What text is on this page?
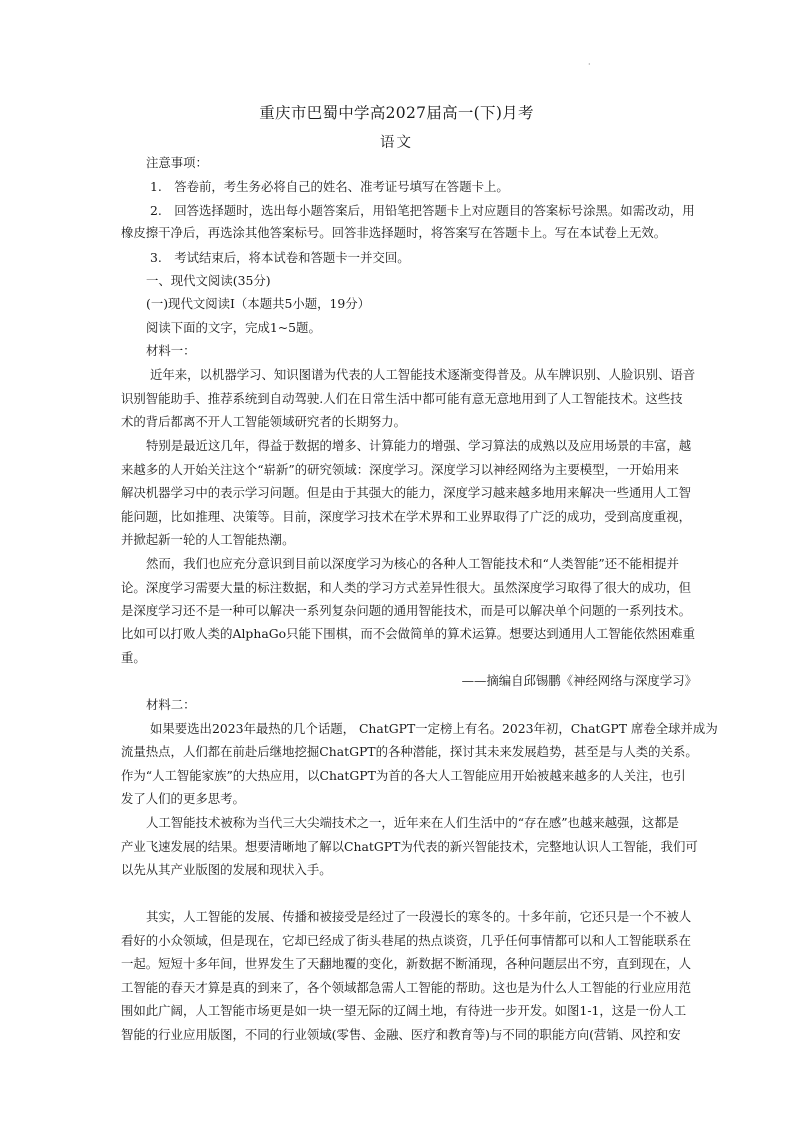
·
重庆市巴蜀中学高2027届高一(下)月考
语文
注意事项：
1.　答卷前，考生务必将自己的姓名、准考证号填写在答题卡上。
2.　回答选择题时，选出每小题答案后，用铅笔把答题卡上对应题目的答案标号涂黑。如需改动，用
橡皮擦干净后，再选涂其他答案标号。回答非选择题时，将答案写在答题卡上。写在本试卷上无效。
3.　考试结束后，将本试卷和答题卡一并交回。
一、现代文阅读(35分)
(一)现代文阅读Ⅰ（本题共5小题，19分）
阅读下面的文字，完成1~5题。
材料一：
近年来，以机器学习、知识图谱为代表的人工智能技术逐渐变得普及。从车牌识别、人脸识别、语音
识别智能助手、推荐系统到自动驾驶.人们在日常生活中都可能有意无意地用到了人工智能技术。这些技
术的背后都离不开人工智能领域研究者的长期努力。
特别是最近这几年，得益于数据的增多、计算能力的增强、学习算法的成熟以及应用场景的丰富，越
来越多的人开始关注这个“崭新”的研究领域：深度学习。深度学习以神经网络为主要模型，一开始用来
解决机器学习中的表示学习问题。但是由于其强大的能力，深度学习越来越多地用来解决一些通用人工智
能问题，比如推理、决策等。目前，深度学习技术在学术界和工业界取得了广泛的成功，受到高度重视，
并掀起新一轮的人工智能热潮。
然而，我们也应充分意识到目前以深度学习为核心的各种人工智能技术和“人类智能”还不能相提并
论。深度学习需要大量的标注数据，和人类的学习方式差异性很大。虽然深度学习取得了很大的成功，但
是深度学习还不是一种可以解决一系列复杂问题的通用智能技术，而是可以解决单个问题的一系列技术。
比如可以打败人类的AlphaGo只能下围棋，而不会做简单的算术运算。想要达到通用人工智能依然困难重
重。
——摘编自邱锡鹏《神经网络与深度学习》
材料二：
如果要选出2023年最热的几个话题， ChatGPT一定榜上有名。2023年初，ChatGPT 席卷全球并成为
流量热点，人们都在前赴后继地挖掘ChatGPT的各种潜能，探讨其未来发展趋势，甚至是与人类的关系。
作为“人工智能家族”的大热应用，以ChatGPT为首的各大人工智能应用开始被越来越多的人关注，也引
发了人们的更多思考。
人工智能技术被称为当代三大尖端技术之一，近年来在人们生活中的“存在感”也越来越强，这都是
产业飞速发展的结果。想要清晰地了解以ChatGPT为代表的新兴智能技术，完整地认识人工智能，我们可
以先从其产业版图的发展和现状入手。
其实，人工智能的发展、传播和被接受是经过了一段漫长的寒冬的。十多年前，它还只是一个不被人
看好的小众领域，但是现在，它却已经成了街头巷尾的热点谈资，几乎任何事情都可以和人工智能联系在
一起。短短十多年间，世界发生了天翻地覆的变化，新数据不断涌现，各种问题层出不穷，直到现在，人
工智能的春天才算是真的到来了，各个领域都急需人工智能的帮助。这也是为什么人工智能的行业应用范
围如此广阔，人工智能市场更是如一块一望无际的辽阔土地，有待进一步开发。如图1-1，这是一份人工
智能的行业应用版图，不同的行业领域(零售、金融、医疗和教育等)与不同的职能方向(营销、风控和安
